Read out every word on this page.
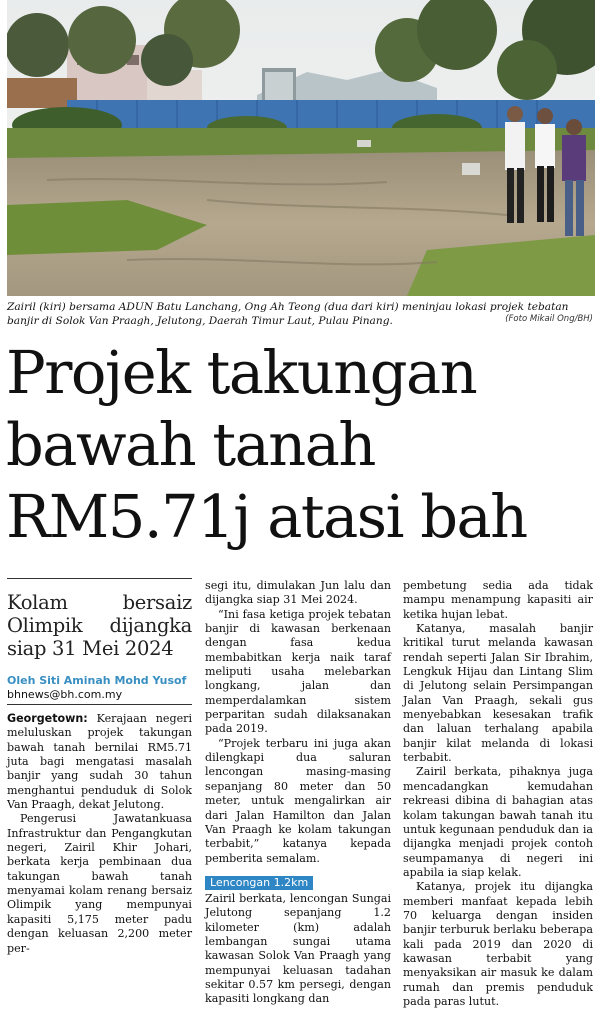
Zairil (kiri) bersama ADUN Batu Lanchang, Ong Ah Teong (dua dari kiri) meninjau lokasi projek tebatan banjir di Solok Van Praagh, Jelutong, Daerah Timur Laut, Pulau Pinang.	(Foto Mikail Ong/BH)
Projek takungan
bawah tanah
RM5.71j atasi bah
Kolam bersaiz Olimpik dijangka siap 31 Mei 2024
Oleh Siti Aminah Mohd Yusof
bhnews@bh.com.my

Georgetown: Kerajaan negeri meluluskan projek takungan bawah tanah bernilai RM5.71 juta bagi mengatasi masalah banjir yang sudah 30 tahun menghantui penduduk di Solok Van Praagh, dekat Jelutong.

Pengerusi Jawatankuasa Infrastruktur dan Pengangkutan negeri, Zairil Khir Johari, berkata kerja pembinaan dua takungan bawah tanah menyamai kolam renang bersaiz Olimpik yang mempunyai kapasiti 5,175 meter padu dengan keluasan 2,200 meter per-

segi itu, dimulakan Jun lalu dan dijangka siap 31 Mei 2024.

“Ini fasa ketiga projek tebatan banjir di kawasan berkenaan dengan fasa kedua membabitkan kerja naik taraf meliputi usaha melebarkan longkang, jalan dan memperdalamkan sistem perparitan sudah dilaksanakan pada 2019.

“Projek terbaru ini juga akan dilengkapi dua saluran lencongan masing-masing sepanjang 80 meter dan 50 meter, untuk mengalirkan air dari Jalan Hamilton dan Jalan Van Praagh ke kolam takungan terbabit,” katanya kepada pemberita semalam.

Lencongan 1.2km

Zairil berkata, lencongan Sungai Jelutong sepanjang 1.2 kilometer (km) adalah lembangan sungai utama kawasan Solok Van Praagh yang mempunyai keluasan tadahan sekitar 0.57 km persegi, dengan kapasiti longkang dan

pembetung sedia ada tidak mampu menampung kapasiti air ketika hujan lebat.

Katanya, masalah banjir kritikal turut melanda kawasan rendah seperti Jalan Sir Ibrahim, Lengkuk Hijau dan Lintang Slim di Jelutong selain Persimpangan Jalan Van Praagh, sekali gus menyebabkan kesesakan trafik dan laluan terhalang apabila banjir kilat melanda di lokasi terbabit.

Zairil berkata, pihaknya juga mencadangkan kemudahan rekreasi dibina di bahagian atas kolam takungan bawah tanah itu untuk kegunaan penduduk dan ia dijangka menjadi projek contoh seumpamanya di negeri ini apabila ia siap kelak.

Katanya, projek itu dijangka memberi manfaat kepada lebih 70 keluarga dengan insiden banjir terburuk berlaku beberapa kali pada 2019 dan 2020 di kawasan terbabit yang menyaksikan air masuk ke dalam rumah dan premis penduduk pada paras lutut.
